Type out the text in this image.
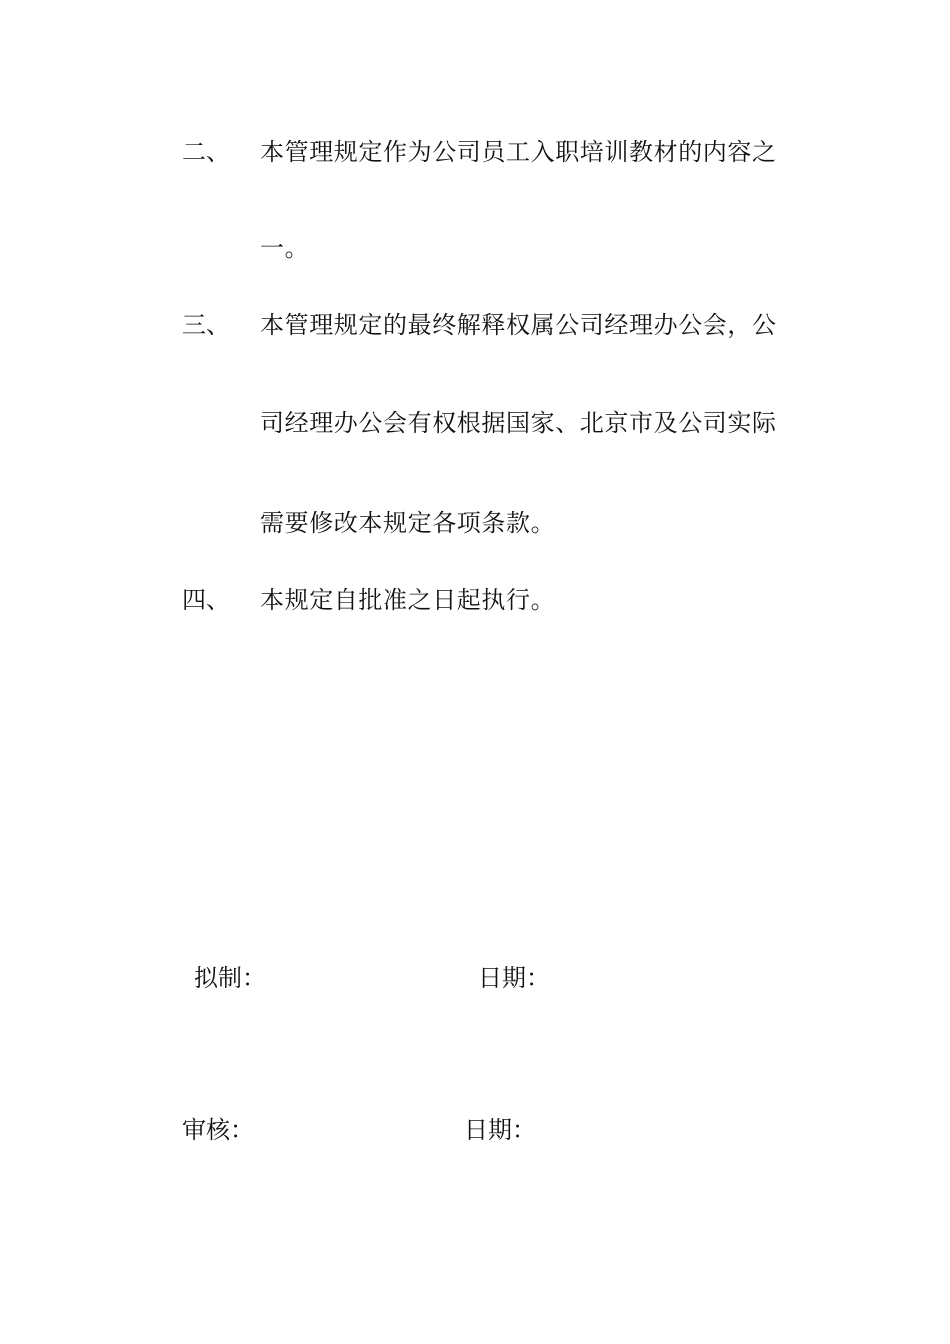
二、 本管理规定作为公司员工入职培训教材的内容之
一。
三、 本管理规定的最终解释权属公司经理办公会，公
司经理办公会有权根据国家、北京市及公司实际
需要修改本规定各项条款。
四、 本规定自批准之日起执行。
拟制：	日期：
审核：	日期：
